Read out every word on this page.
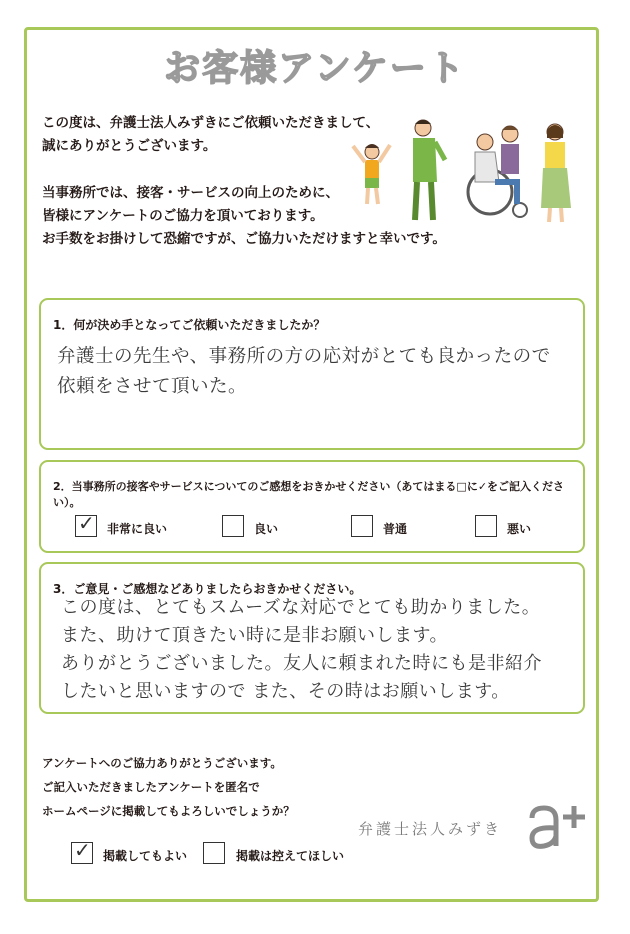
お客様アンケート
この度は、弁護士法人みずきにご依頼いただきまして、
誠にありがとうございます。
当事務所では、接客・サービスの向上のために、
皆様にアンケートのご協力を頂いております。
お手数をお掛けして恐縮ですが、ご協力いただけますと幸いです。
1．何が決め手となってご依頼いただきましたか？
弁護士の先生や、事務所の方の応対がとても良かったので
依頼をさせて頂いた。
2．当事務所の接客やサービスについてのご感想をおきかせください（あてはまる□に✓をご記入ください）。
✓ 非常に良い	良い	普通	悪い
3．ご意見・ご感想などありましたらおきかせください。
この度は、とてもスムーズな対応でとても助かりました。
また、助けて頂きたい時に是非お願いします。
ありがとうございました。友人に頼まれた時にも是非紹介
したいと思いますので また、その時はお願いします。
アンケートへのご協力ありがとうございます。
ご記入いただきましたアンケートを匿名で
ホームページに掲載してもよろしいでしょうか？
✓ 掲載してもよい	掲載は控えてほしい
弁護士法人みずき
